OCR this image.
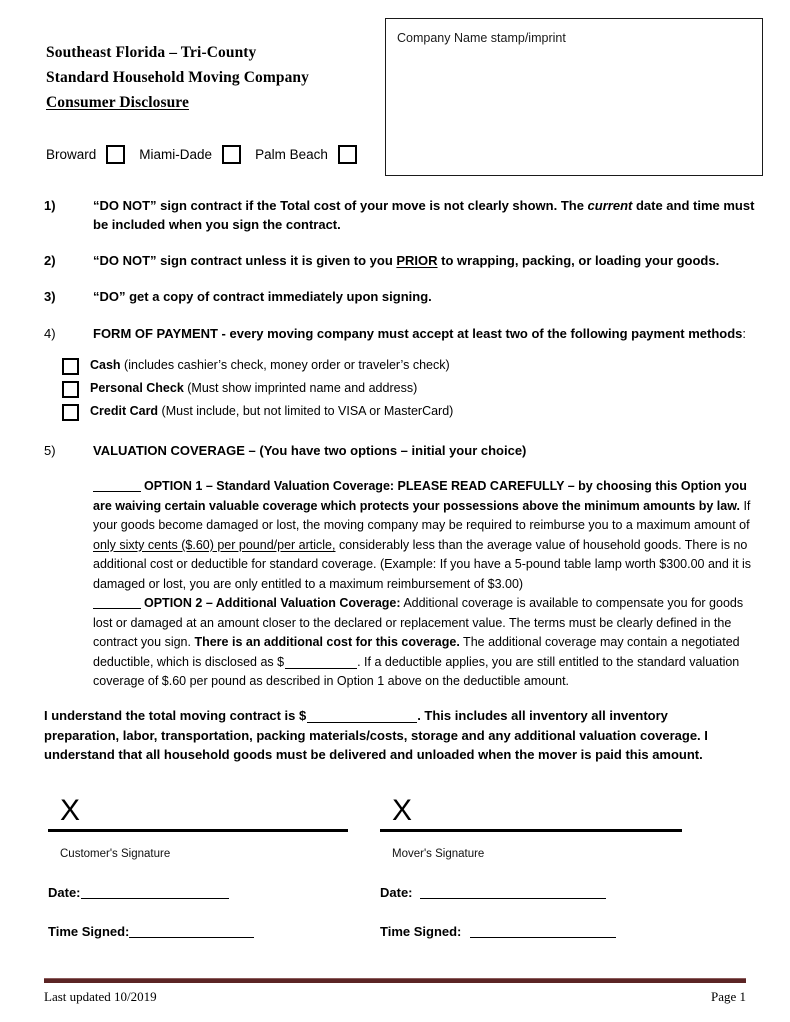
Southeast Florida – Tri-County
Standard Household Moving Company
Consumer Disclosure
Broward	Miami-Dade	Palm Beach
Company Name stamp/imprint
1)	“DO NOT” sign contract if the Total cost of your move is not clearly shown. The current date and time must be included when you sign the contract.
2)	“DO NOT” sign contract unless it is given to you PRIOR to wrapping, packing, or loading your goods.
3)	“DO” get a copy of contract immediately upon signing.
4)	FORM OF PAYMENT - every moving company must accept at least two of the following payment methods:
Cash (includes cashier’s check, money order or traveler’s check)
Personal Check (Must show imprinted name and address)
Credit Card (Must include, but not limited to VISA or MasterCard)
5)	VALUATION COVERAGE – (You have two options – initial your choice)

OPTION 1 – Standard Valuation Coverage: PLEASE READ CAREFULLY – by choosing this Option you are waiving certain valuable coverage which protects your possessions above the minimum amounts by law. If your goods become damaged or lost, the moving company may be required to reimburse you to a maximum amount of only sixty cents ($.60) per pound/per article, considerably less than the average value of household goods. There is no additional cost or deductible for standard coverage. (Example: If you have a 5-pound table lamp worth $300.00 and it is damaged or lost, you are only entitled to a maximum reimbursement of $3.00)

OPTION 2 – Additional Valuation Coverage: Additional coverage is available to compensate you for goods lost or damaged at an amount closer to the declared or replacement value. The terms must be clearly defined in the contract you sign. There is an additional cost for this coverage. The additional coverage may contain a negotiated deductible, which is disclosed as $	. If a deductible applies, you are still entitled to the standard valuation coverage of $.60 per pound as described in Option 1 above on the deductible amount.

I understand the total moving contract is $	. This includes all inventory all inventory preparation, labor, transportation, packing materials/costs, storage and any additional valuation coverage. I understand that all household goods must be delivered and unloaded when the mover is paid this amount.
X
Customer's Signature
Date:
Time Signed:
X
Mover's Signature
Date:
Time Signed:
Last updated 10/2019	Page 1
